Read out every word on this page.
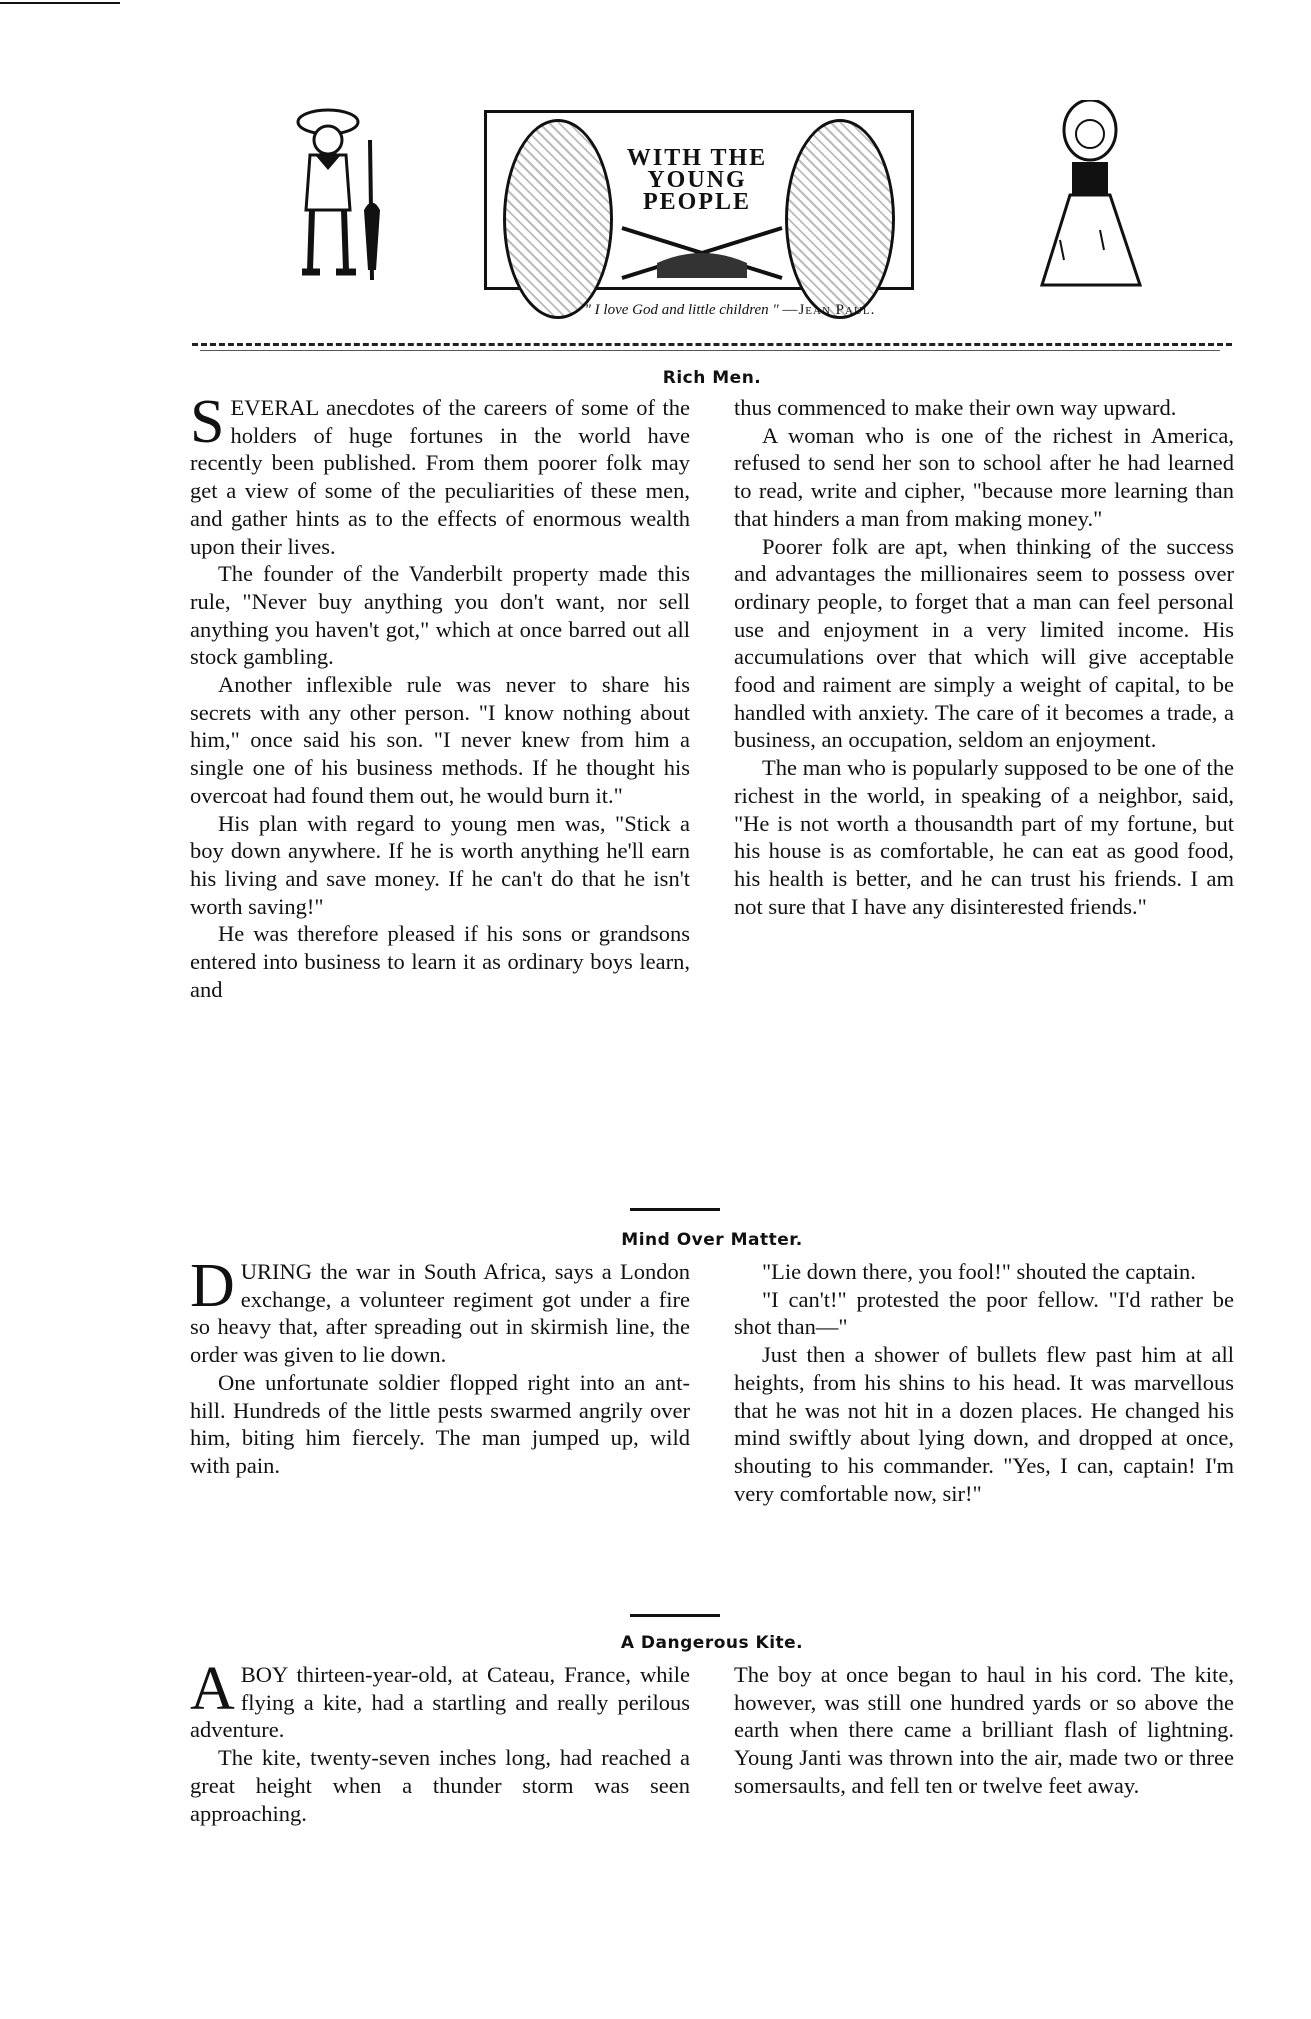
WITH THE YOUNG PEOPLE
" I love God and little children " —Jean Paul.
Rich Men.

SEVERAL anecdotes of the careers of some of the holders of huge fortunes in the world have recently been published. From them poorer folk may get a view of some of the peculiarities of these men, and gather hints as to the effects of enormous wealth upon their lives.

The founder of the Vanderbilt property made this rule, "Never buy anything you don't want, nor sell anything you haven't got," which at once barred out all stock gambling.

Another inflexible rule was never to share his secrets with any other person. "I know nothing about him," once said his son. "I never knew from him a single one of his business methods. If he thought his overcoat had found them out, he would burn it."

His plan with regard to young men was, "Stick a boy down anywhere. If he is worth anything he'll earn his living and save money. If he can't do that he isn't worth saving!"

He was therefore pleased if his sons or grandsons entered into business to learn it as ordinary boys learn, and

thus commenced to make their own way upward.

A woman who is one of the richest in America, refused to send her son to school after he had learned to read, write and cipher, "because more learning than that hinders a man from making money."

Poorer folk are apt, when thinking of the success and advantages the millionaires seem to possess over ordinary people, to forget that a man can feel personal use and enjoyment in a very limited income. His accumulations over that which will give acceptable food and raiment are simply a weight of capital, to be handled with anxiety. The care of it becomes a trade, a business, an occupation, seldom an enjoyment.

The man who is popularly supposed to be one of the richest in the world, in speaking of a neighbor, said, "He is not worth a thousandth part of my fortune, but his house is as comfortable, he can eat as good food, his health is better, and he can trust his friends. I am not sure that I have any disinterested friends."

Mind Over Matter.

DURING the war in South Africa, says a London exchange, a volunteer regiment got under a fire so heavy that, after spreading out in skirmish line, the order was given to lie down.

One unfortunate soldier flopped right into an ant-hill. Hundreds of the little pests swarmed angrily over him, biting him fiercely. The man jumped up, wild with pain.

"Lie down there, you fool!" shouted the captain.

"I can't!" protested the poor fellow. "I'd rather be shot than—"

Just then a shower of bullets flew past him at all heights, from his shins to his head. It was marvellous that he was not hit in a dozen places. He changed his mind swiftly about lying down, and dropped at once, shouting to his commander. "Yes, I can, captain! I'm very comfortable now, sir!"

A Dangerous Kite.

ABOY thirteen-year-old, at Cateau, France, while flying a kite, had a startling and really perilous adventure.

The kite, twenty-seven inches long, had reached a great height when a thunder storm was seen approaching.

The boy at once began to haul in his cord. The kite, however, was still one hundred yards or so above the earth when there came a brilliant flash of lightning. Young Janti was thrown into the air, made two or three somersaults, and fell ten or twelve feet away.
